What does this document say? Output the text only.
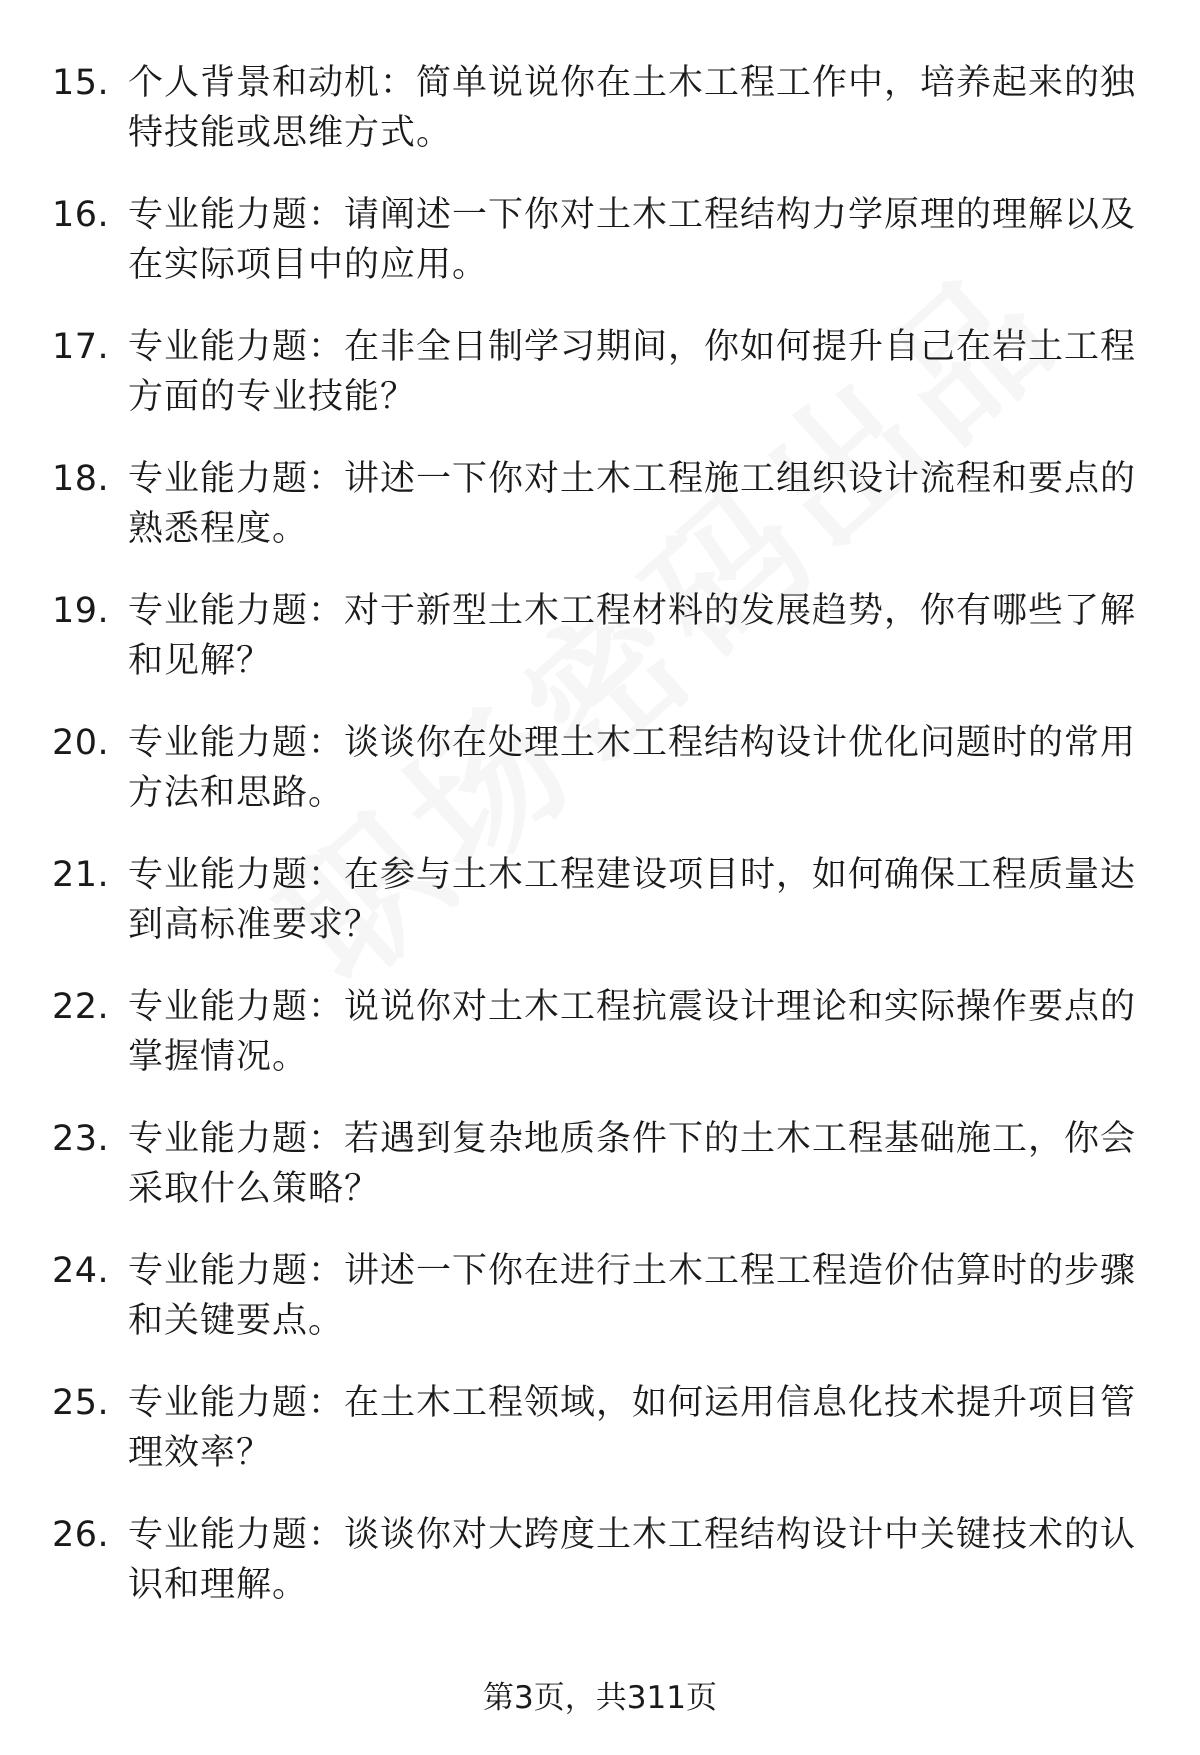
15. 个人背景和动机：简单说说你在土木工程工作中，培养起来的独
特技能或思维方式。
16. 专业能力题：请阐述一下你对土木工程结构力学原理的理解以及
在实际项目中的应用。
17. 专业能力题：在非全日制学习期间，你如何提升自己在岩土工程
方面的专业技能？
18. 专业能力题：讲述一下你对土木工程施工组织设计流程和要点的
熟悉程度。
19. 专业能力题：对于新型土木工程材料的发展趋势，你有哪些了解
和见解？
20. 专业能力题：谈谈你在处理土木工程结构设计优化问题时的常用
方法和思路。
21. 专业能力题：在参与土木工程建设项目时，如何确保工程质量达
到高标准要求？
22. 专业能力题：说说你对土木工程抗震设计理论和实际操作要点的
掌握情况。
23. 专业能力题：若遇到复杂地质条件下的土木工程基础施工，你会
采取什么策略？
24. 专业能力题：讲述一下你在进行土木工程工程造价估算时的步骤
和关键要点。
25. 专业能力题：在土木工程领域，如何运用信息化技术提升项目管
理效率？
26. 专业能力题：谈谈你对大跨度土木工程结构设计中关键技术的认
识和理解。
第3页，共311页
